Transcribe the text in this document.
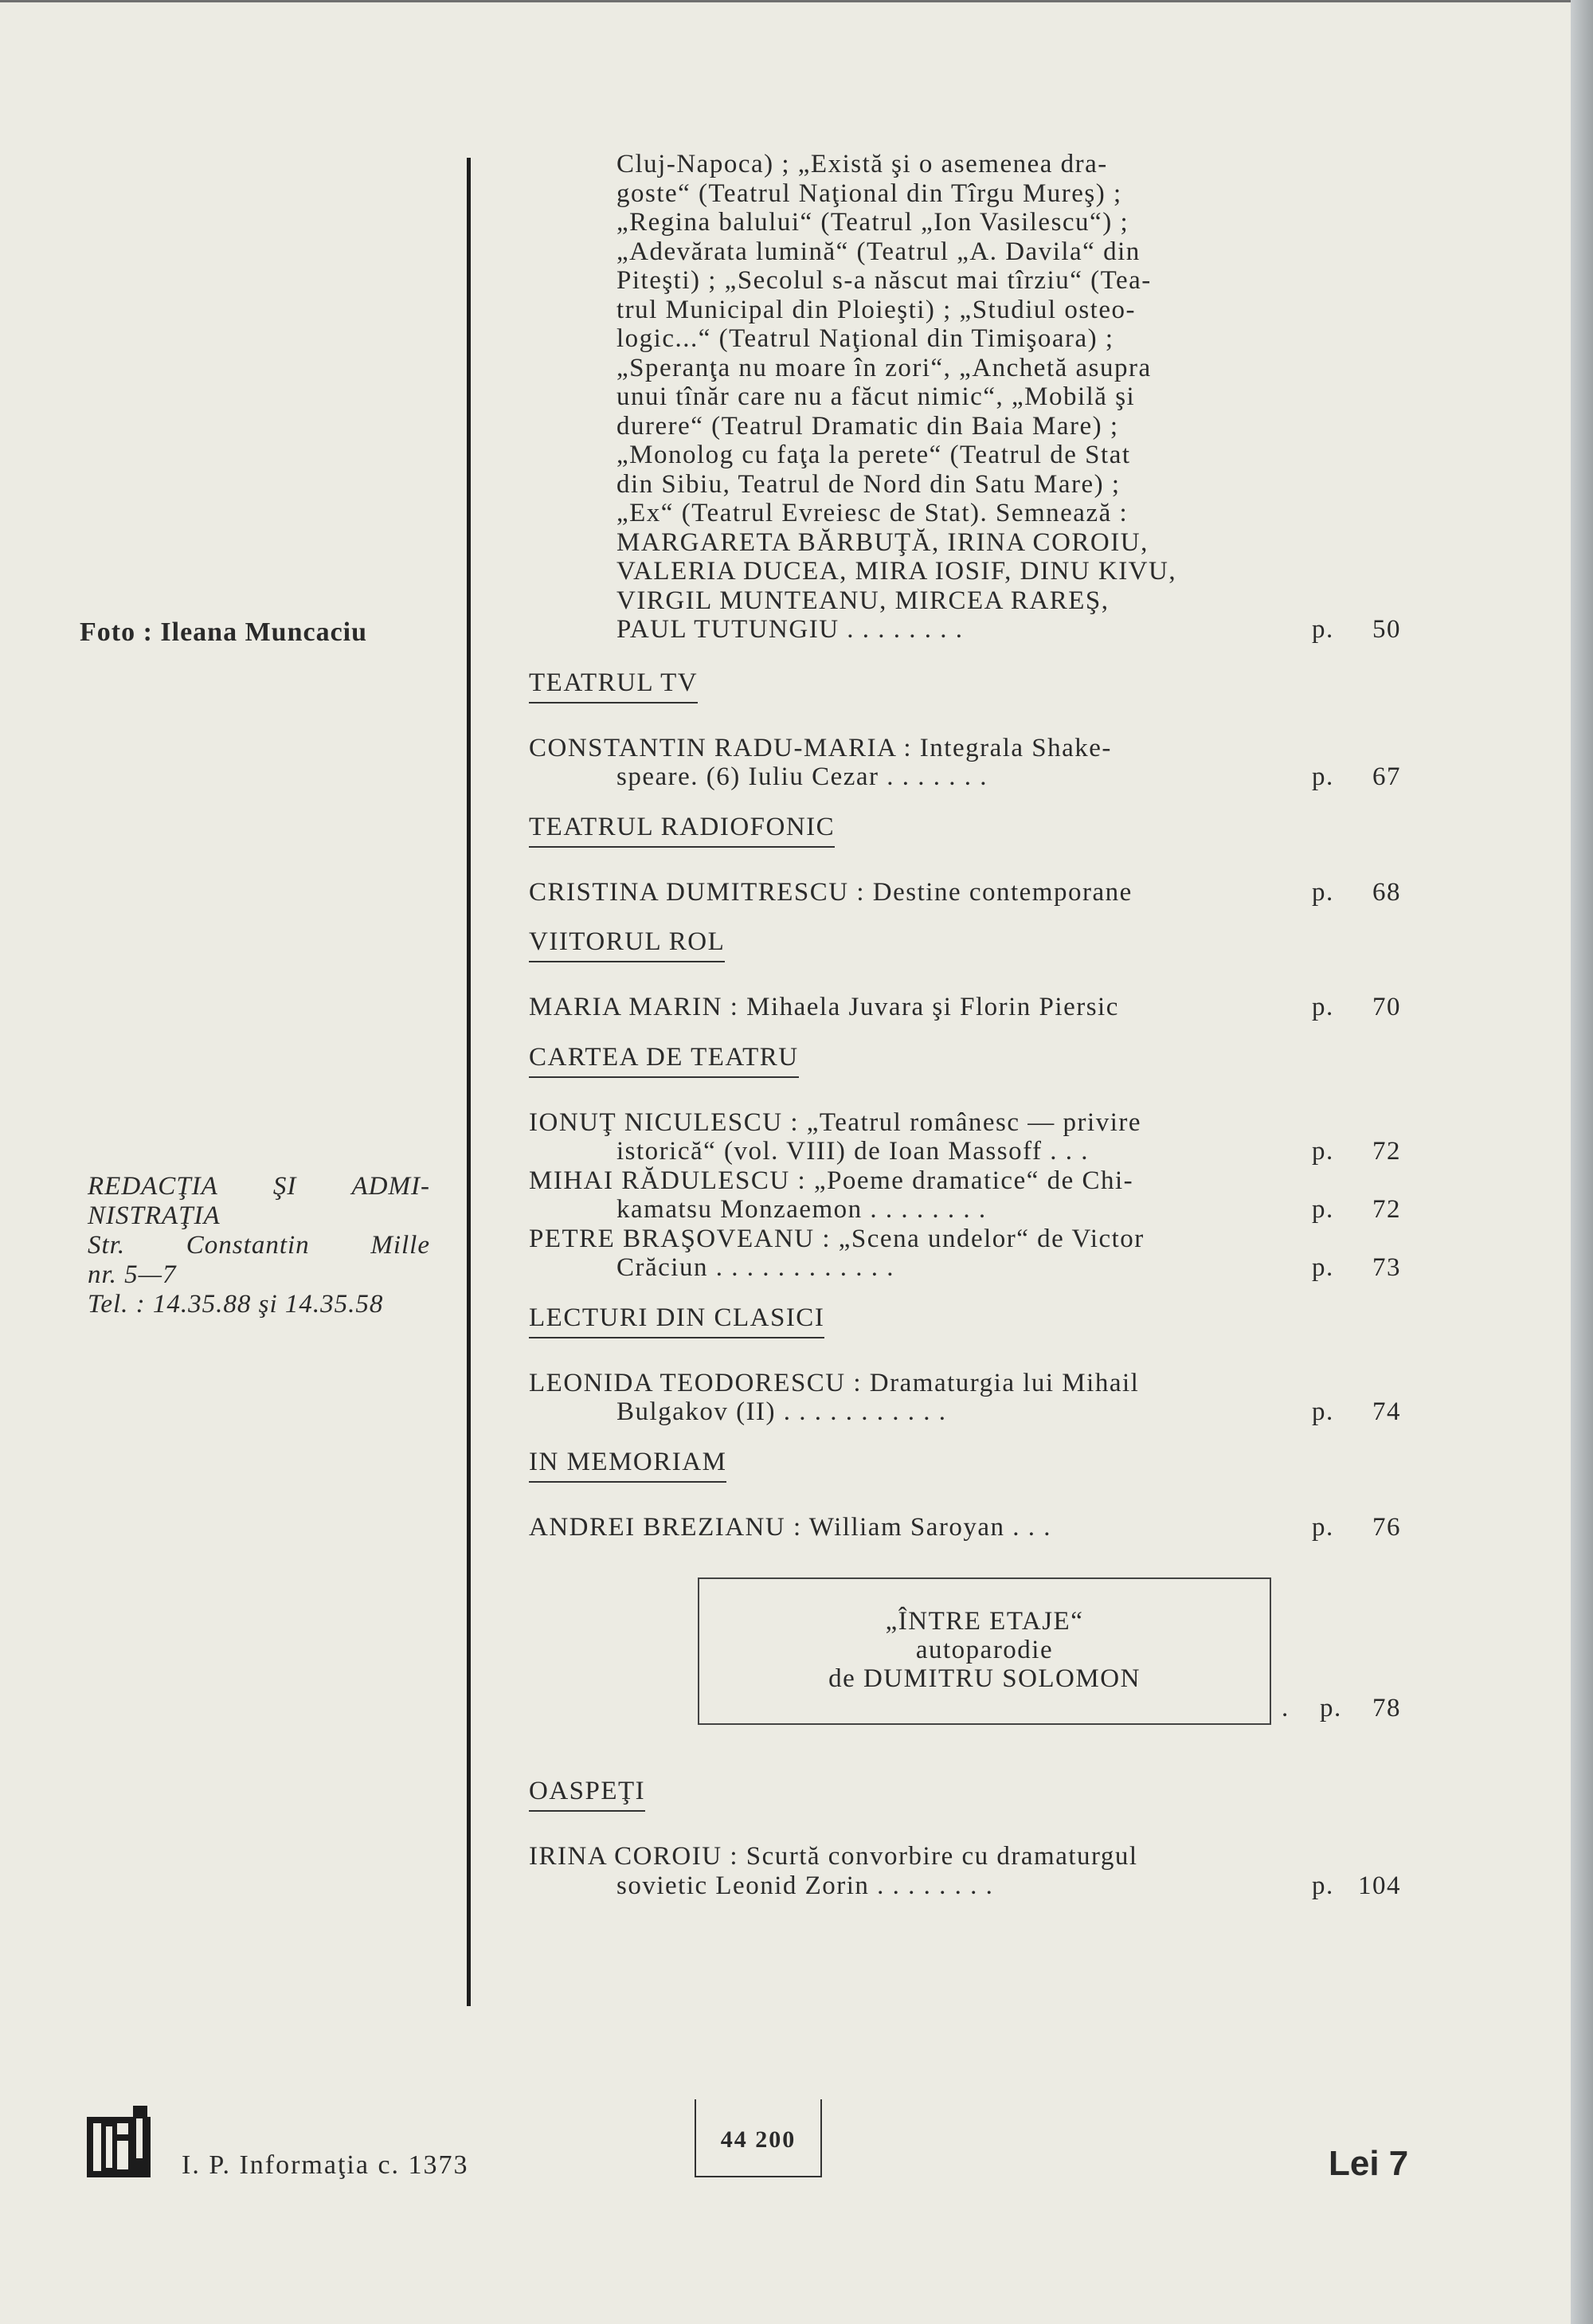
Foto : Ileana Muncaciu
REDACŢIA ŞI ADMI-
NISTRAŢIA
Str. Constantin Mille
nr. 5—7
Tel. : 14.35.88 şi 14.35.58
Cluj-Napoca) ; „Există şi o asemenea dra-
goste“ (Teatrul Naţional din Tîrgu Mureş) ;
„Regina balului“ (Teatrul „Ion Vasilescu“) ;
„Adevărata lumină“ (Teatrul „A. Davila“ din
Piteşti) ; „Secolul s-a născut mai tîrziu“ (Tea-
trul Municipal din Ploieşti) ; „Studiul osteo-
logic...“ (Teatrul Naţional din Timişoara) ;
„Speranţa nu moare în zori“, „Anchetă asupra
unui tînăr care nu a făcut nimic“, „Mobilă şi
durere“ (Teatrul Dramatic din Baia Mare) ;
„Monolog cu faţa la perete“ (Teatrul de Stat
din Sibiu, Teatrul de Nord din Satu Mare) ;
„Ex“ (Teatrul Evreiesc de Stat). Semnează :
MARGARETA BĂRBUŢĂ, IRINA COROIU,
VALERIA DUCEA, MIRA IOSIF, DINU KIVU,
VIRGIL MUNTEANU, MIRCEA RAREŞ,
PAUL TUTUNGIU . . . . . . . .	p. 50
TEATRUL TV
CONSTANTIN RADU-MARIA : Integrala Shake-
speare. (6) Iuliu Cezar . . . . . . .	p. 67
TEATRUL RADIOFONIC
CRISTINA DUMITRESCU : Destine contemporane	p. 68
VIITORUL ROL
MARIA MARIN : Mihaela Juvara şi Florin Piersic	p. 70
CARTEA DE TEATRU
IONUŢ NICULESCU : „Teatrul românesc — privire
istorică“ (vol. VIII) de Ioan Massoff . . .	p. 72
MIHAI RĂDULESCU : „Poeme dramatice“ de Chi-
kamatsu Monzaemon . . . . . . . .	p. 72
PETRE BRAŞOVEANU : „Scena undelor“ de Victor
Crăciun . . . . . . . . . . . .	p. 73
LECTURI DIN CLASICI
LEONIDA TEODORESCU : Dramaturgia lui Mihail
Bulgakov (II) . . . . . . . . . . .	p. 74
IN MEMORIAM
ANDREI BREZIANU : William Saroyan . . .	p. 76
„ÎNTRE ETAJE“
autoparodie
de DUMITRU SOLOMON
. p. 78
OASPEŢI
IRINA COROIU : Scurtă convorbire cu dramaturgul
sovietic Leonid Zorin . . . . . . . .	p. 104
I. P. Informaţia c. 1373
44 200
Lei 7
